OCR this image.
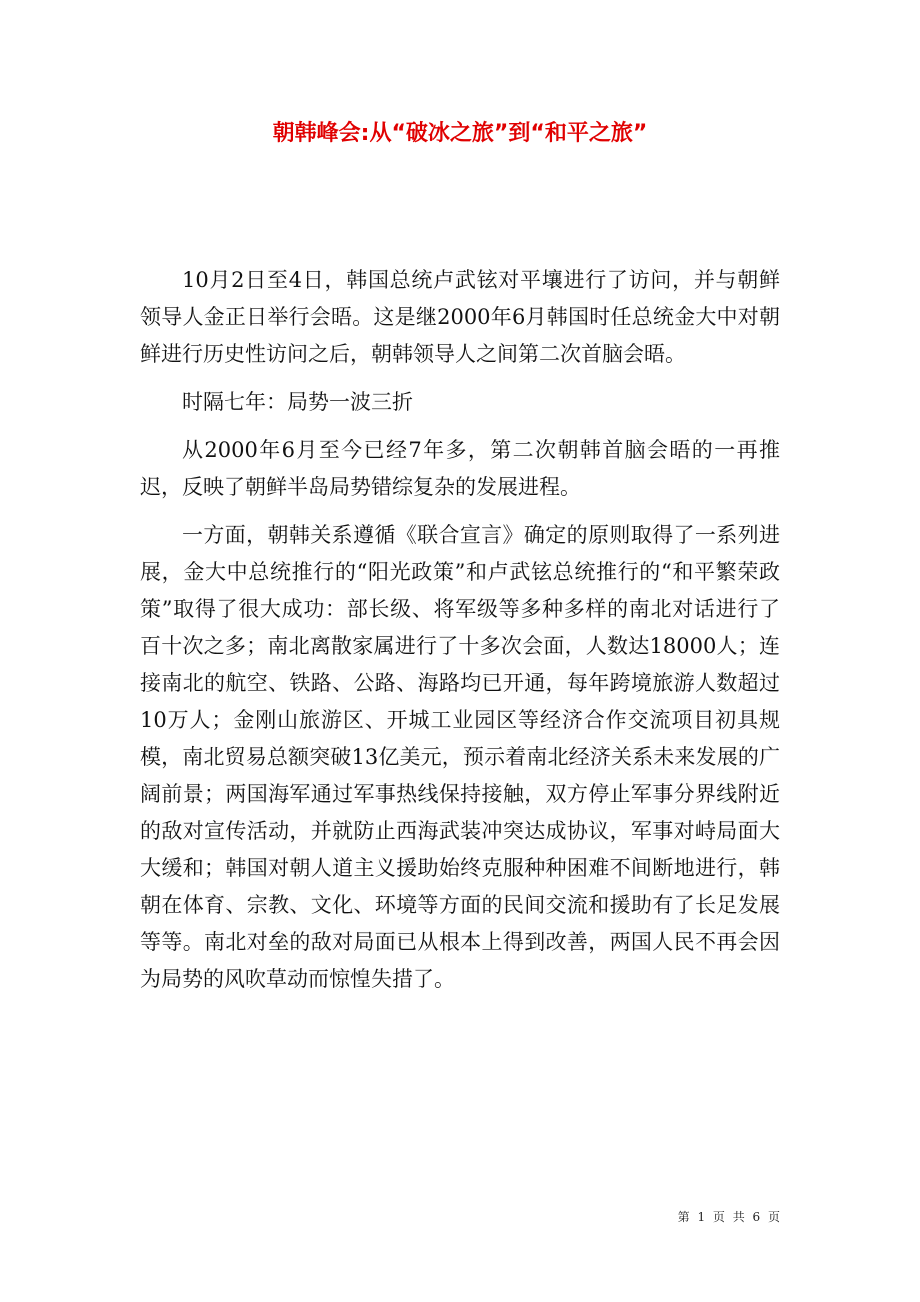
朝韩峰会:从“破冰之旅”到“和平之旅”

10月2日至4日，韩国总统卢武铉对平壤进行了访问，并与朝鲜领导人金正日举行会晤。这是继2000年6月韩国时任总统金大中对朝鲜进行历史性访问之后，朝韩领导人之间第二次首脑会晤。

时隔七年：局势一波三折

从2000年6月至今已经7年多，第二次朝韩首脑会晤的一再推迟，反映了朝鲜半岛局势错综复杂的发展进程。

一方面，朝韩关系遵循《联合宣言》确定的原则取得了一系列进展，金大中总统推行的“阳光政策”和卢武铉总统推行的“和平繁荣政策”取得了很大成功：部长级、将军级等多种多样的南北对话进行了百十次之多；南北离散家属进行了十多次会面，人数达18000人；连接南北的航空、铁路、公路、海路均已开通，每年跨境旅游人数超过10万人；金刚山旅游区、开城工业园区等经济合作交流项目初具规模，南北贸易总额突破13亿美元，预示着南北经济关系未来发展的广阔前景；两国海军通过军事热线保持接触，双方停止军事分界线附近的敌对宣传活动，并就防止西海武装冲突达成协议，军事对峙局面大大缓和；韩国对朝人道主义援助始终克服种种困难不间断地进行，韩朝在体育、宗教、文化、环境等方面的民间交流和援助有了长足发展等等。南北对垒的敌对局面已从根本上得到改善，两国人民不再会因为局势的风吹草动而惊惶失措了。

第 1 页 共 6 页
